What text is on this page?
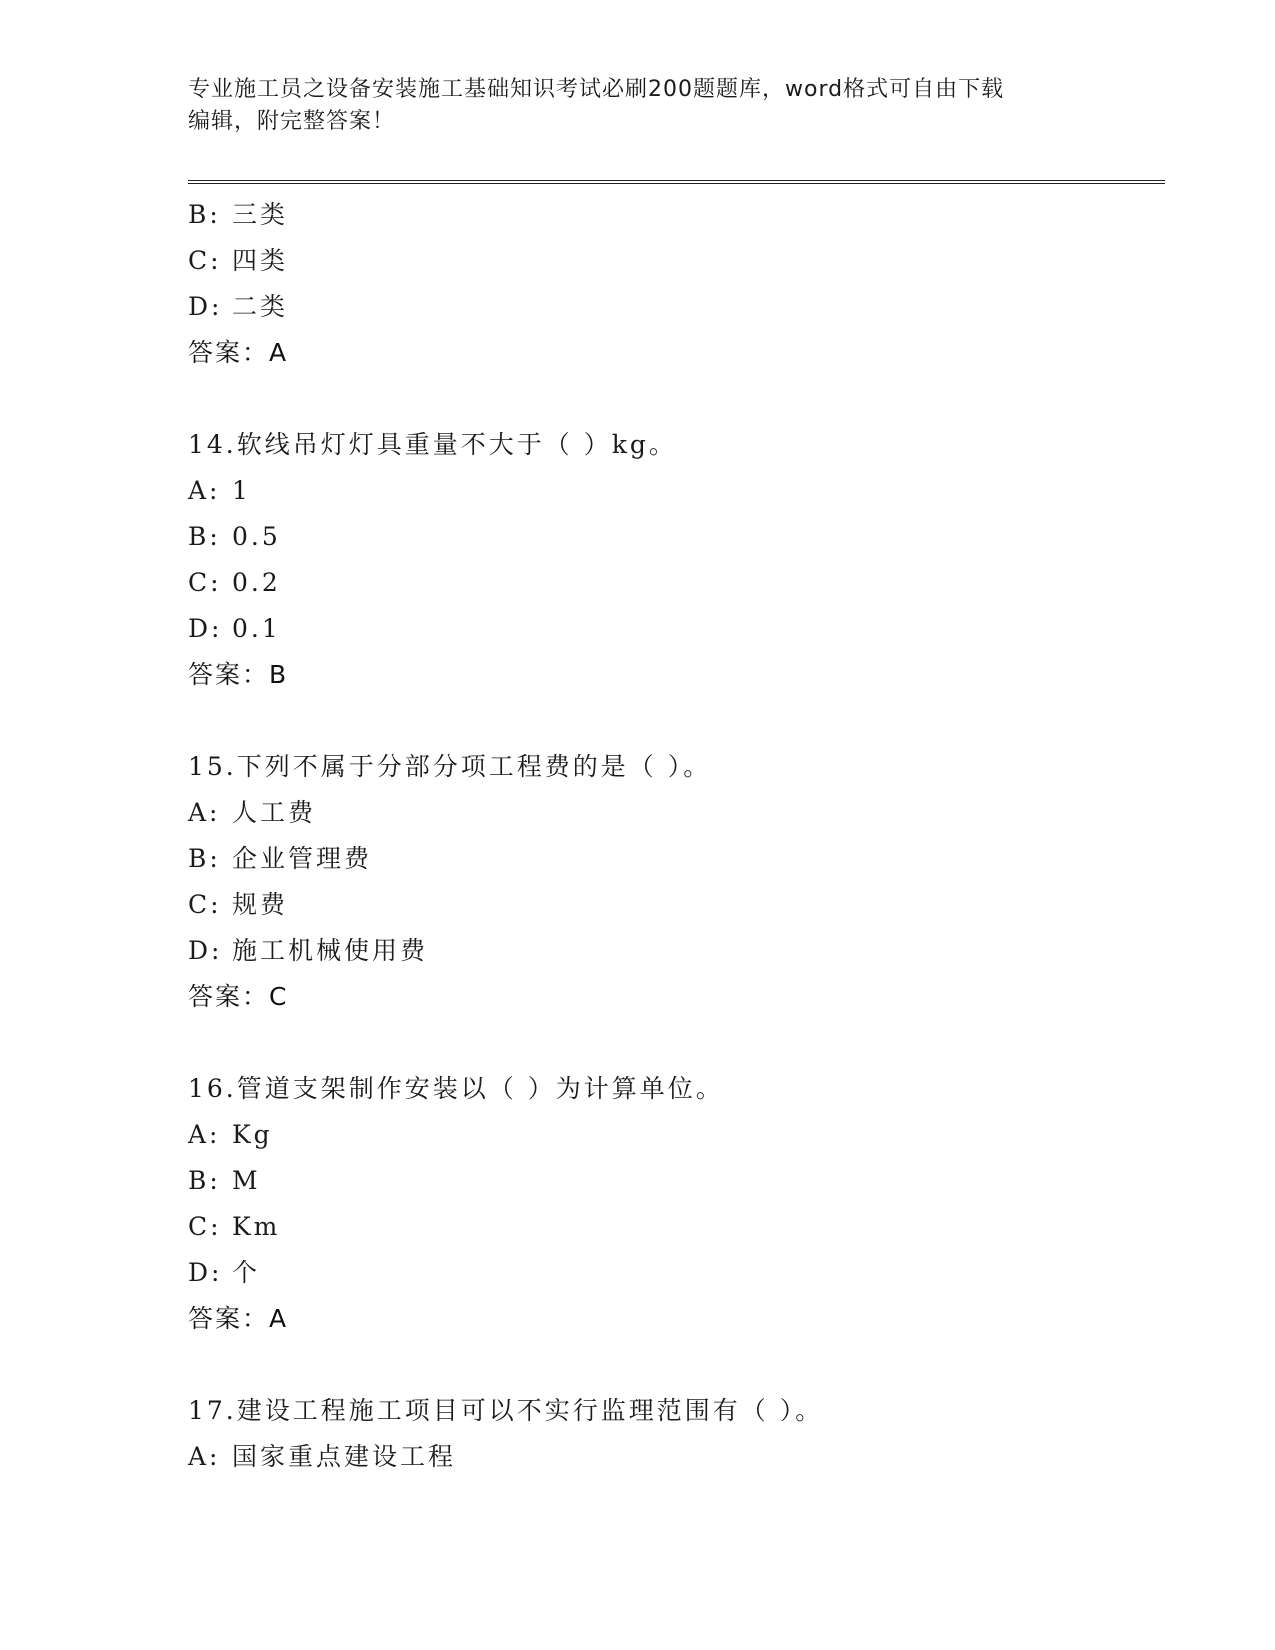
专业施工员之设备安装施工基础知识考试必刷200题题库，word格式可自由下载
编辑，附完整答案！
B: 三类
C: 四类
D: 二类
答案：A
14.软线吊灯灯具重量不大于（ ）kg。
A: 1
B: 0.5
C: 0.2
D: 0.1
答案：B
15.下列不属于分部分项工程费的是（ ）。
A: 人工费
B: 企业管理费
C: 规费
D: 施工机械使用费
答案：C
16.管道支架制作安装以（ ）为计算单位。
A: Kg
B: M
C: Km
D: 个
答案：A
17.建设工程施工项目可以不实行监理范围有（ ）。
A: 国家重点建设工程
